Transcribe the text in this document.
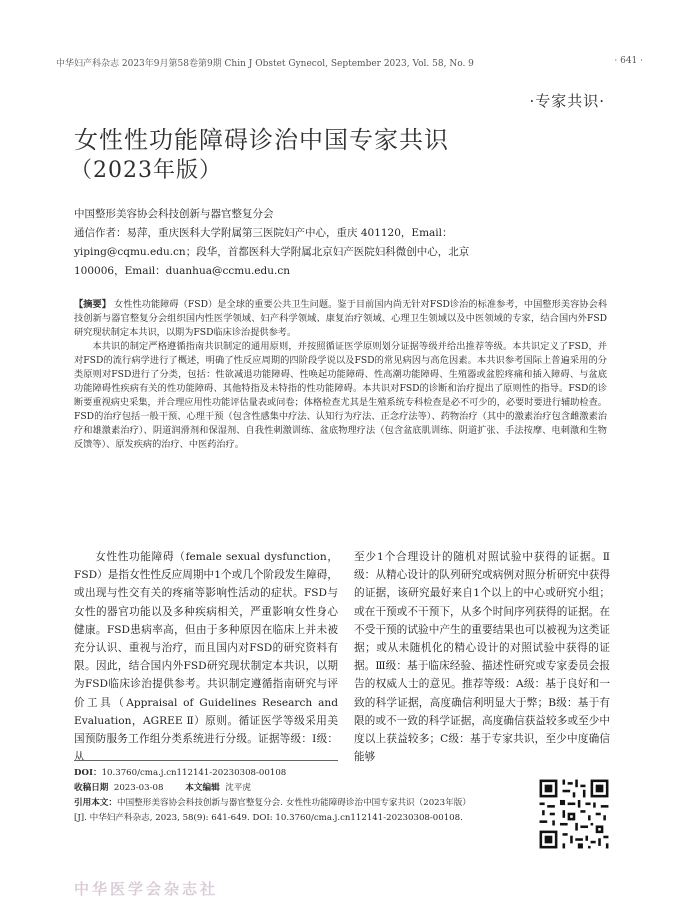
中华妇产科杂志 2023年9月第58卷第9期 Chin J Obstet Gynecol, September 2023, Vol. 58, No. 9	· 641 ·
·专家共识·
女性性功能障碍诊治中国专家共识
（2023年版）
中国整形美容协会科技创新与器官整复分会
通信作者：易萍，重庆医科大学附属第三医院妇产中心，重庆 401120，Email：
yiping@cqmu.edu.cn；段华，首都医科大学附属北京妇产医院妇科微创中心，北京
100006，Email：duanhua@ccmu.edu.cn
【摘要】 女性性功能障碍（FSD）是全球的重要公共卫生问题。鉴于目前国内尚无针对FSD诊治的标准参考，中国整形美容协会科技创新与器官整复分会组织国内性医学领域、妇产科学领域、康复治疗领域、心理卫生领域以及中医领域的专家，结合国内外FSD研究现状制定本共识，以期为FSD临床诊治提供参考。
本共识的制定严格遵循指南共识制定的通用原则，并按照循证医学原则划分证据等级并给出推荐等级。本共识定义了FSD，并对FSD的流行病学进行了概述，明确了性反应周期的四阶段学说以及FSD的常见病因与高危因素。本共识参考国际上普遍采用的分类原则对FSD进行了分类，包括：性欲减退功能障碍、性唤起功能障碍、性高潮功能障碍、生殖器或盆腔疼痛和插入障碍、与盆底功能障碍性疾病有关的性功能障碍、其他特指及未特指的性功能障碍。本共识对FSD的诊断和治疗提出了原则性的指导。FSD的诊断要重视病史采集，并合理应用性功能评估量表或问卷；体格检查尤其是生殖系统专科检查是必不可少的，必要时要进行辅助检查。FSD的治疗包括一般干预、心理干预（包含性感集中疗法、认知行为疗法、正念疗法等）、药物治疗（其中的激素治疗包含雌激素治疗和雄激素治疗）、阴道润滑剂和保湿剂、自我性刺激训练、盆底物理疗法（包含盆底肌训练、阴道扩张、手法按摩、电刺激和生物反馈等）、原发疾病的治疗、中医药治疗。
女性性功能障碍（female sexual dysfunction，FSD）是指女性性反应周期中1个或几个阶段发生障碍，或出现与性交有关的疼痛等影响性活动的症状。FSD与女性的器官功能以及多种疾病相关，严重影响女性身心健康。FSD患病率高，但由于多种原因在临床上并未被充分认识、重视与治疗，而且国内对FSD的研究资料有限。因此，结合国内外FSD研究现状制定本共识，以期为FSD临床诊治提供参考。共识制定遵循指南研究与评价工具（Appraisal of Guidelines Research and Evaluation，AGREE Ⅱ）原则。循证医学等级采用美国预防服务工作组分类系统进行分级。证据等级：Ⅰ级：从
至少1个合理设计的随机对照试验中获得的证据。Ⅱ级：从精心设计的队列研究或病例对照分析研究中获得的证据，该研究最好来自1个以上的中心或研究小组；或在干预或不干预下，从多个时间序列获得的证据。在不受干预的试验中产生的重要结果也可以被视为这类证据；或从未随机化的精心设计的对照试验中获得的证据。Ⅲ级：基于临床经验、描述性研究或专家委员会报告的权威人士的意见。推荐等级：A级：基于良好和一致的科学证据，高度确信利明显大于弊；B级：基于有限的或不一致的科学证据，高度确信获益较多或至少中度以上获益较多；C级：基于专家共识，至少中度确信能够
DOI：10.3760/cma.j.cn112141-20230308-00108
收稿日期 2023-03-08	本文编辑 沈平虎
引用本文：中国整形美容协会科技创新与器官整复分会. 女性性功能障碍诊治中国专家共识（2023年版）
[J]. 中华妇产科杂志, 2023, 58(9): 641-649. DOI: 10.3760/cma.j.cn112141-20230308-00108.
中华医学会杂志社
